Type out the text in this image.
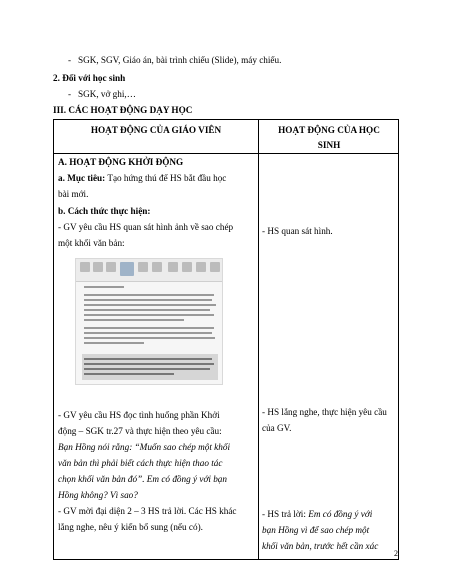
-   SGK, SGV, Giáo án, bài trình chiếu (Slide), máy chiếu.
2. Đối với học sinh
-   SGK, vở ghi,…
III. CÁC HOẠT ĐỘNG DẠY HỌC
HOẠT ĐỘNG CỦA GIÁO VIÊN	HOẠT ĐỘNG CỦA HỌC
SINH
A. HOẠT ĐỘNG KHỞI ĐỘNG
a. Mục tiêu: Tạo hứng thú để HS bắt đầu học
bài mới.
b. Cách thức thực hiện:
- GV yêu cầu HS quan sát hình ảnh về sao chép
một khối văn bản:
- GV yêu cầu HS đọc tình huống phần Khởi
động – SGK tr.27 và thực hiện theo yêu cầu:
Bạn Hồng nói rằng: “Muốn sao chép một khối
văn bản thì phải biết cách thực hiện thao tác
chọn khối văn bản đó”. Em có đồng ý với bạn
Hồng không? Vì sao?
- GV mời đại diện 2 – 3 HS trả lời. Các HS khác
lắng nghe, nêu ý kiến bổ sung (nếu có).
- HS quan sát hình.
- HS lắng nghe, thực hiện yêu cầu
của GV.
- HS trả lời: Em có đồng ý với
bạn Hồng vì để sao chép một
khối văn bản, trước hết cần xác
2
